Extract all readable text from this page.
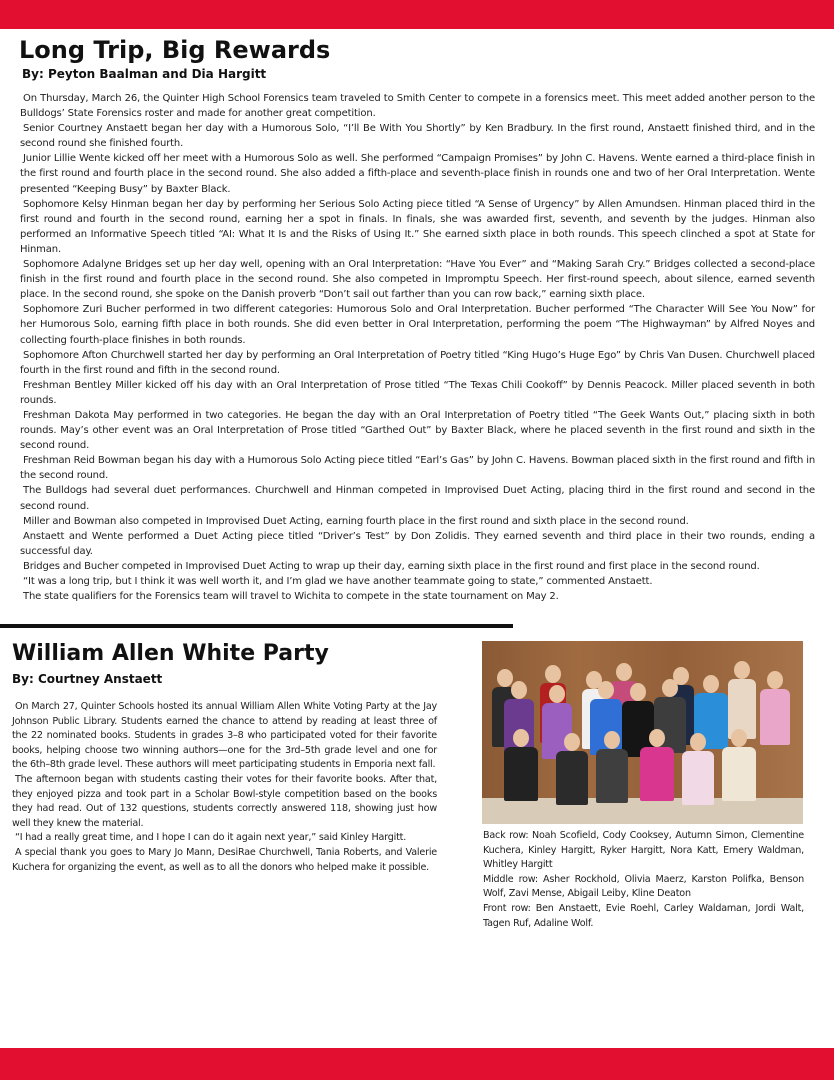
Long Trip, Big Rewards
By: Peyton Baalman and Dia Hargitt

On Thursday, March 26, the Quinter High School Forensics team traveled to Smith Center to compete in a forensics meet. This meet added another person to the Bulldogs’ State Forensics roster and made for another great competition.

Senior Courtney Anstaett began her day with a Humorous Solo, “I’ll Be With You Shortly” by Ken Bradbury. In the first round, Anstaett finished third, and in the second round she finished fourth.

Junior Lillie Wente kicked off her meet with a Humorous Solo as well. She performed “Campaign Promises” by John C. Havens. Wente earned a third-place finish in the first round and fourth place in the second round. She also added a fifth-place and seventh-place finish in rounds one and two of her Oral Interpretation. Wente presented “Keeping Busy” by Baxter Black.

Sophomore Kelsy Hinman began her day by performing her Serious Solo Acting piece titled “A Sense of Urgency” by Allen Amundsen. Hinman placed third in the first round and fourth in the second round, earning her a spot in finals. In finals, she was awarded first, seventh, and seventh by the judges. Hinman also performed an Informative Speech titled “AI: What It Is and the Risks of Using It.” She earned sixth place in both rounds. This speech clinched a spot at State for Hinman.

Sophomore Adalyne Bridges set up her day well, opening with an Oral Interpretation: “Have You Ever” and “Making Sarah Cry.” Bridges collected a second-place finish in the first round and fourth place in the second round. She also competed in Impromptu Speech. Her first-round speech, about silence, earned seventh place. In the second round, she spoke on the Danish proverb “Don’t sail out farther than you can row back,” earning sixth place.

Sophomore Zuri Bucher performed in two different categories: Humorous Solo and Oral Interpretation. Bucher performed “The Character Will See You Now” for her Humorous Solo, earning fifth place in both rounds. She did even better in Oral Interpretation, performing the poem “The Highwayman” by Alfred Noyes and collecting fourth-place finishes in both rounds.

Sophomore Afton Churchwell started her day by performing an Oral Interpretation of Poetry titled “King Hugo’s Huge Ego” by Chris Van Dusen. Churchwell placed fourth in the first round and fifth in the second round.

Freshman Bentley Miller kicked off his day with an Oral Interpretation of Prose titled “The Texas Chili Cookoff” by Dennis Peacock. Miller placed seventh in both rounds.

Freshman Dakota May performed in two categories. He began the day with an Oral Interpretation of Poetry titled “The Geek Wants Out,” placing sixth in both rounds. May’s other event was an Oral Interpretation of Prose titled “Garthed Out” by Baxter Black, where he placed seventh in the first round and sixth in the second round.

Freshman Reid Bowman began his day with a Humorous Solo Acting piece titled “Earl’s Gas” by John C. Havens. Bowman placed sixth in the first round and fifth in the second round.

The Bulldogs had several duet performances. Churchwell and Hinman competed in Improvised Duet Acting, placing third in the first round and second in the second round.

Miller and Bowman also competed in Improvised Duet Acting, earning fourth place in the first round and sixth place in the second round.

Anstaett and Wente performed a Duet Acting piece titled “Driver’s Test” by Don Zolidis. They earned seventh and third place in their two rounds, ending a successful day.

Bridges and Bucher competed in Improvised Duet Acting to wrap up their day, earning sixth place in the first round and first place in the second round.

“It was a long trip, but I think it was well worth it, and I’m glad we have another teammate going to state,” commented Anstaett.

The state qualifiers for the Forensics team will travel to Wichita to compete in the state tournament on May 2.

William Allen White Party
By: Courtney Anstaett

On March 27, Quinter Schools hosted its annual William Allen White Voting Party at the Jay Johnson Public Library. Students earned the chance to attend by reading at least three of the 22 nominated books. Students in grades 3–8 who participated voted for their favorite books, helping choose two winning authors—one for the 3rd–5th grade level and one for the 6th–8th grade level. These authors will meet participating students in Emporia next fall.

The afternoon began with students casting their votes for their favorite books. After that, they enjoyed pizza and took part in a Scholar Bowl-style competition based on the books they had read. Out of 132 questions, students correctly answered 118, showing just how well they knew the material.

“I had a really great time, and I hope I can do it again next year,” said Kinley Hargitt.

A special thank you goes to Mary Jo Mann, DesiRae Churchwell, Tania Roberts, and Valerie Kuchera for organizing the event, as well as to all the donors who helped make it possible.

Back row: Noah Scofield, Cody Cooksey, Autumn Simon, Clementine Kuchera, Kinley Hargitt, Ryker Hargitt, Nora Katt, Emery Waldman, Whitley Hargitt

Middle row: Asher Rockhold, Olivia Maerz, Karston Polifka, Benson Wolf, Zavi Mense, Abigail Leiby, Kline Deaton

Front row: Ben Anstaett, Evie Roehl, Carley Waldaman, Jordi Walt, Tagen Ruf, Adaline Wolf.
